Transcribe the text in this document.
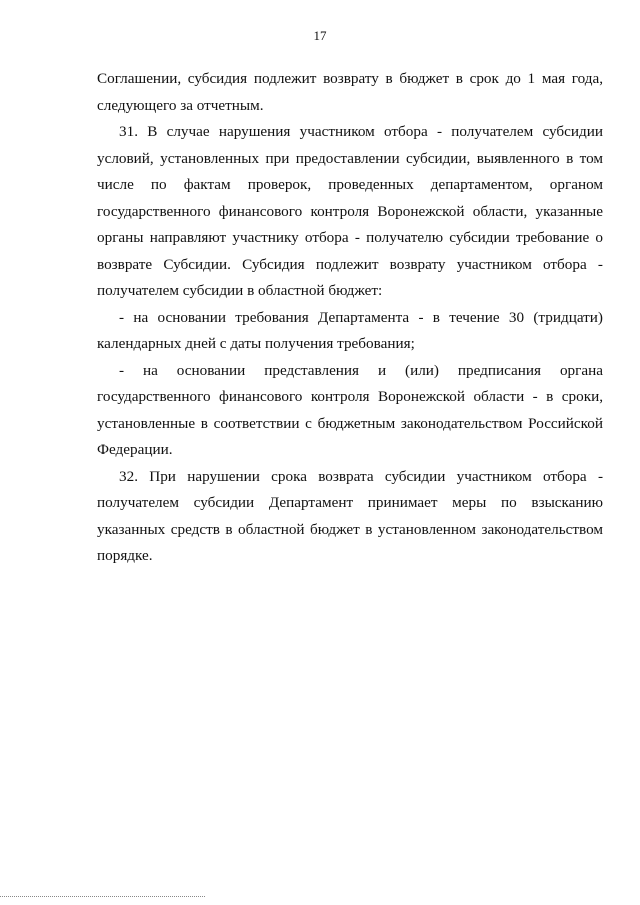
17

Соглашении, субсидия подлежит возврату в бюджет в срок до 1 мая года, следующего за отчетным.

31. В случае нарушения участником отбора - получателем субсидии условий, установленных при предоставлении субсидии, выявленного в том числе по фактам проверок, проведенных департаментом, органом государственного финансового контроля Воронежской области, указанные органы направляют участнику отбора - получателю субсидии требование о возврате Субсидии. Субсидия подлежит возврату участником отбора - получателем субсидии в областной бюджет:

- на основании требования Департамента - в течение 30 (тридцати) календарных дней с даты получения требования;

- на основании представления и (или) предписания органа государственного финансового контроля Воронежской области - в сроки, установленные в соответствии с бюджетным законодательством Российской Федерации.

32. При нарушении срока возврата субсидии участником отбора - получателем субсидии Департамент принимает меры по взысканию указанных средств в областной бюджет в установленном законодательством порядке.
